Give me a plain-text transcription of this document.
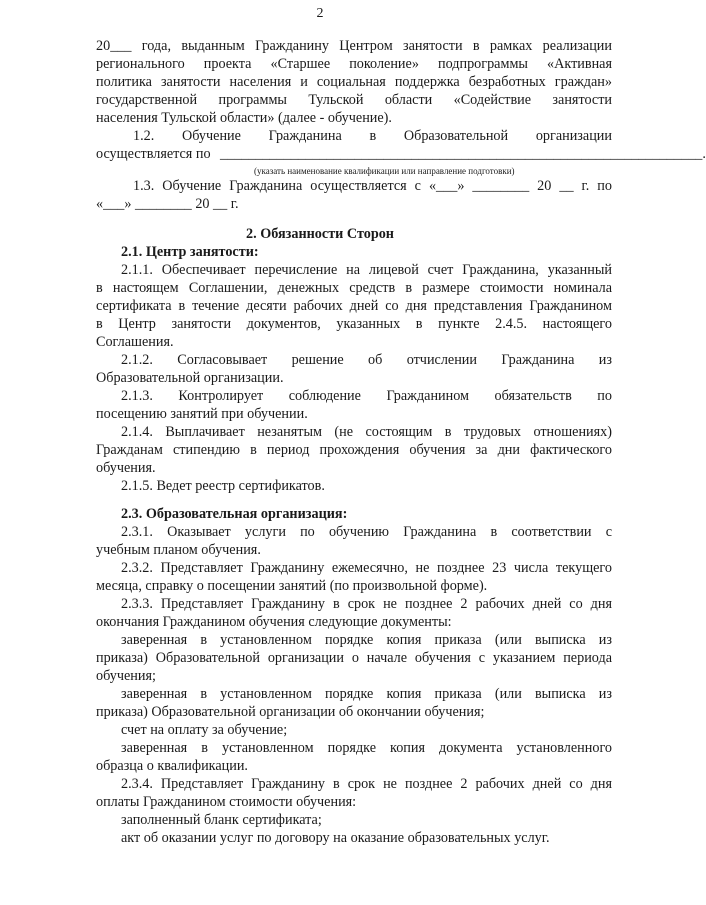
2
20___ года, выданным Гражданину Центром занятости в рамках реализации
регионального проекта «Старшее поколение» подпрограммы «Активная
политика занятости населения и социальная поддержка безработных граждан»
государственной программы Тульской области «Содействие занятости
населения Тульской области» (далее - обучение).
1.2. Обучение Гражданина в Образовательной организации
осуществляется по ____________________________________________________________________.
(указать наименование квалификации или направление подготовки)
1.3. Обучение Гражданина осуществляется с «___» ________ 20 __ г. по
«___» ________ 20 __ г.
2. Обязанности Сторон
2.1. Центр занятости:
2.1.1. Обеспечивает перечисление на лицевой счет Гражданина, указанный
в настоящем Соглашении, денежных средств в размере стоимости номинала
сертификата в течение десяти рабочих дней со дня представления Гражданином
в Центр занятости документов, указанных в пункте 2.4.5. настоящего
Соглашения.
2.1.2. Согласовывает решение об отчислении Гражданина из
Образовательной организации.
2.1.3. Контролирует соблюдение Гражданином обязательств по
посещению занятий при обучении.
2.1.4. Выплачивает незанятым (не состоящим в трудовых отношениях)
Гражданам стипендию в период прохождения обучения за дни фактического
обучения.
2.1.5. Ведет реестр сертификатов.
2.3. Образовательная организация:
2.3.1. Оказывает услуги по обучению Гражданина в соответствии с
учебным планом обучения.
2.3.2. Представляет Гражданину ежемесячно, не позднее 23 числа текущего
месяца, справку о посещении занятий (по произвольной форме).
2.3.3. Представляет Гражданину в срок не позднее 2 рабочих дней со дня
окончания Гражданином обучения следующие документы:
заверенная в установленном порядке копия приказа (или выписка из
приказа) Образовательной организации о начале обучения с указанием периода
обучения;
заверенная в установленном порядке копия приказа (или выписка из
приказа) Образовательной организации об окончании обучения;
счет на оплату за обучение;
заверенная в установленном порядке копия документа установленного
образца о квалификации.
2.3.4. Представляет Гражданину в срок не позднее 2 рабочих дней со дня
оплаты Гражданином стоимости обучения:
заполненный бланк сертификата;
акт об оказании услуг по договору на оказание образовательных услуг.
